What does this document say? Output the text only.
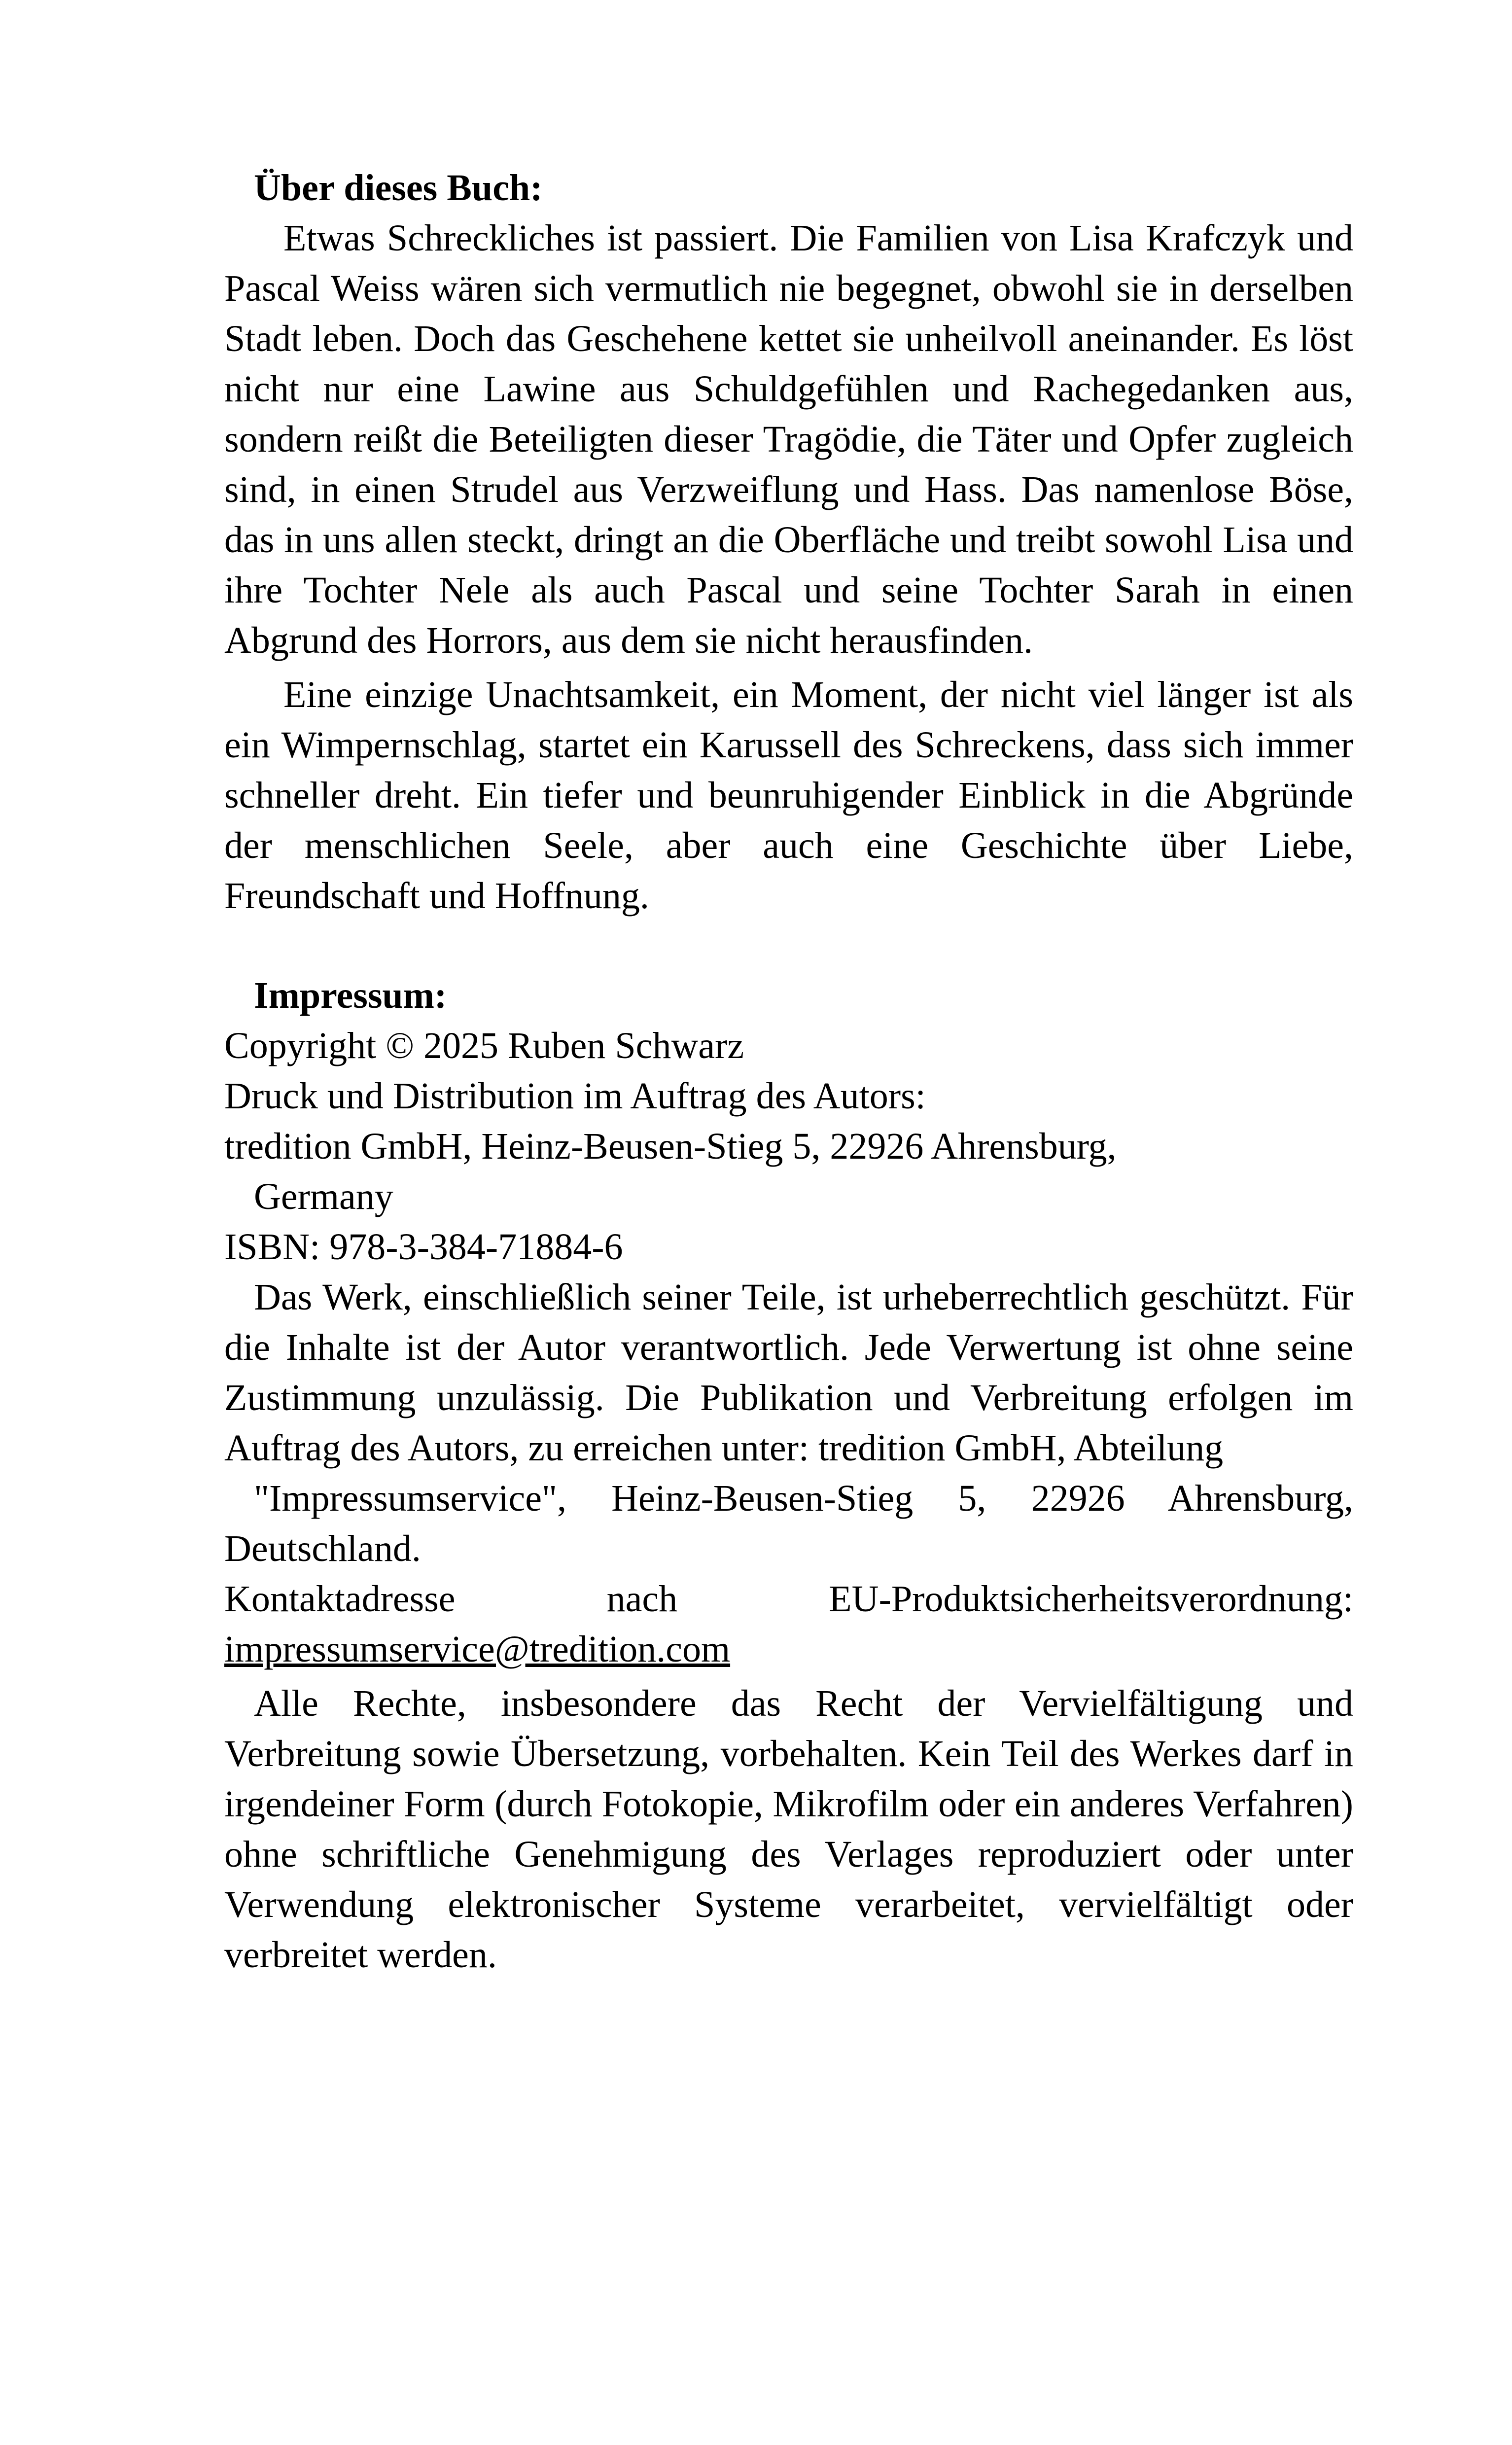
Über dieses Buch:

Etwas Schreckliches ist passiert. Die Familien von Lisa Krafczyk und Pascal Weiss wären sich vermutlich nie begegnet, obwohl sie in derselben Stadt leben. Doch das Geschehene kettet sie unheilvoll aneinander. Es löst nicht nur eine Lawine aus Schuldgefühlen und Rachegedanken aus, sondern reißt die Beteiligten dieser Tragödie, die Täter und Opfer zugleich sind, in einen Strudel aus Verzweiflung und Hass. Das namenlose Böse, das in uns allen steckt, dringt an die Oberfläche und treibt sowohl Lisa und ihre Tochter Nele als auch Pascal und seine Tochter Sarah in einen Abgrund des Horrors, aus dem sie nicht herausfinden.

Eine einzige Unachtsamkeit, ein Moment, der nicht viel länger ist als ein Wimpernschlag, startet ein Karussell des Schreckens, dass sich immer schneller dreht. Ein tiefer und beunruhigender Einblick in die Abgründe der menschlichen Seele, aber auch eine Geschichte über Liebe, Freundschaft und Hoffnung.

Impressum:

Copyright © 2025 Ruben Schwarz

Druck und Distribution im Auftrag des Autors:

tredition GmbH, Heinz-Beusen-Stieg 5, 22926 Ahrensburg,

Germany

ISBN: 978-3-384-71884-6

Das Werk, einschließlich seiner Teile, ist urheberrechtlich geschützt. Für die Inhalte ist der Autor verantwortlich. Jede Verwertung ist ohne seine Zustimmung unzulässig. Die Publikation und Verbreitung erfolgen im Auftrag des Autors, zu erreichen unter: tredition GmbH, Abteilung

"Impressumservice", Heinz-Beusen-Stieg 5, 22926 Ahrensburg, Deutschland.

Kontaktadresse nach EU-Produktsicherheitsverordnung:

impressumservice@tredition.com

Alle Rechte, insbesondere das Recht der Vervielfältigung und Verbreitung sowie Übersetzung, vorbehalten. Kein Teil des Werkes darf in irgendeiner Form (durch Fotokopie, Mikrofilm oder ein anderes Verfahren) ohne schriftliche Genehmigung des Verlages reproduziert oder unter Verwendung elektronischer Systeme verarbeitet, vervielfältigt oder verbreitet werden.
